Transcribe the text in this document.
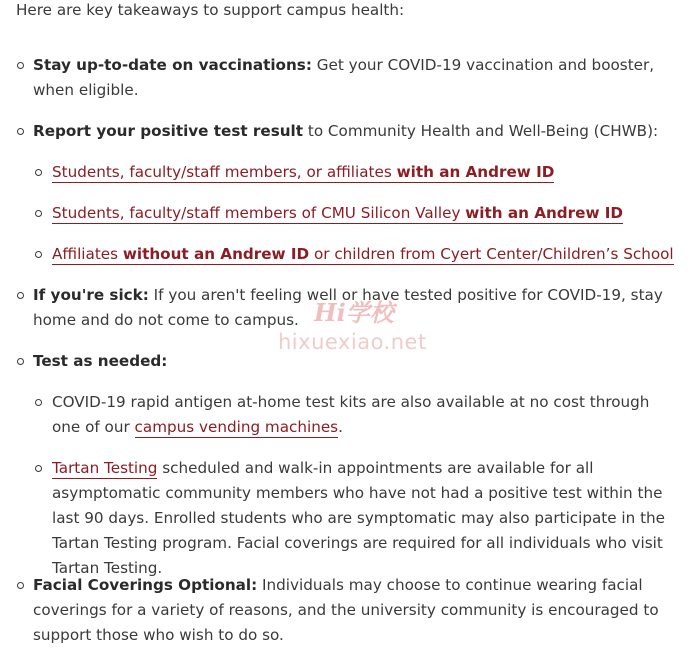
Here are key takeaways to support campus health:

Stay up-to-date on vaccinations: Get your COVID-19 vaccination and booster, when eligible.

Report your positive test result to Community Health and Well-Being (CHWB):

Students, faculty/staff members, or affiliates with an Andrew ID

Students, faculty/staff members of CMU Silicon Valley with an Andrew ID

Affiliates without an Andrew ID or children from Cyert Center/Children’s School

If you're sick: If you aren't feeling well or have tested positive for COVID-19, stay home and do not come to campus.

Test as needed:

COVID-19 rapid antigen at-home test kits are also available at no cost through one of our campus vending machines.

Tartan Testing scheduled and walk-in appointments are available for all asymptomatic community members who have not had a positive test within the last 90 days. Enrolled students who are symptomatic may also participate in the Tartan Testing program. Facial coverings are required for all individuals who visit Tartan Testing.

Facial Coverings Optional: Individuals may choose to continue wearing facial coverings for a variety of reasons, and the university community is encouraged to support those who wish to do so.

Hi学校
hixuexiao.net
